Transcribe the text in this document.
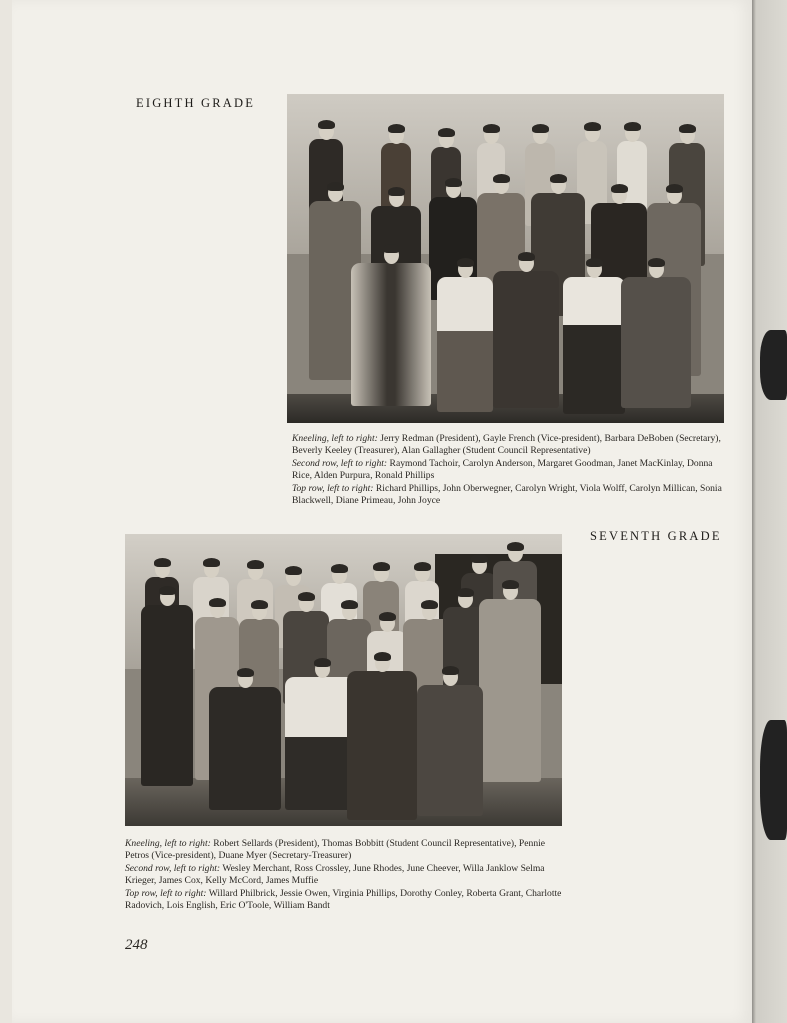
EIGHTH GRADE

Kneeling, left to right: Jerry Redman (President), Gayle French (Vice-president), Barbara DeBoben (Secretary), Beverly Keeley (Treasurer), Alan Gallagher (Student Council Representative)

Second row, left to right: Raymond Tachoir, Carolyn Anderson, Margaret Goodman, Janet MacKinlay, Donna Rice, Alden Purpura, Ronald Phillips

Top row, left to right: Richard Phillips, John Oberwegner, Carolyn Wright, Viola Wolff, Carolyn Millican, Sonia Blackwell, Diane Primeau, John Joyce

SEVENTH GRADE

Kneeling, left to right: Robert Sellards (President), Thomas Bobbitt (Student Council Representative), Pennie Petros (Vice-president), Duane Myer (Secretary-Treasurer)

Second row, left to right: Wesley Merchant, Ross Crossley, June Rhodes, June Cheever, Willa Janklow Selma Krieger, James Cox, Kelly McCord, James Muffie

Top row, left to right: Willard Philbrick, Jessie Owen, Virginia Phillips, Dorothy Conley, Roberta Grant, Charlotte Radovich, Lois English, Eric O'Toole, William Bandt

248
